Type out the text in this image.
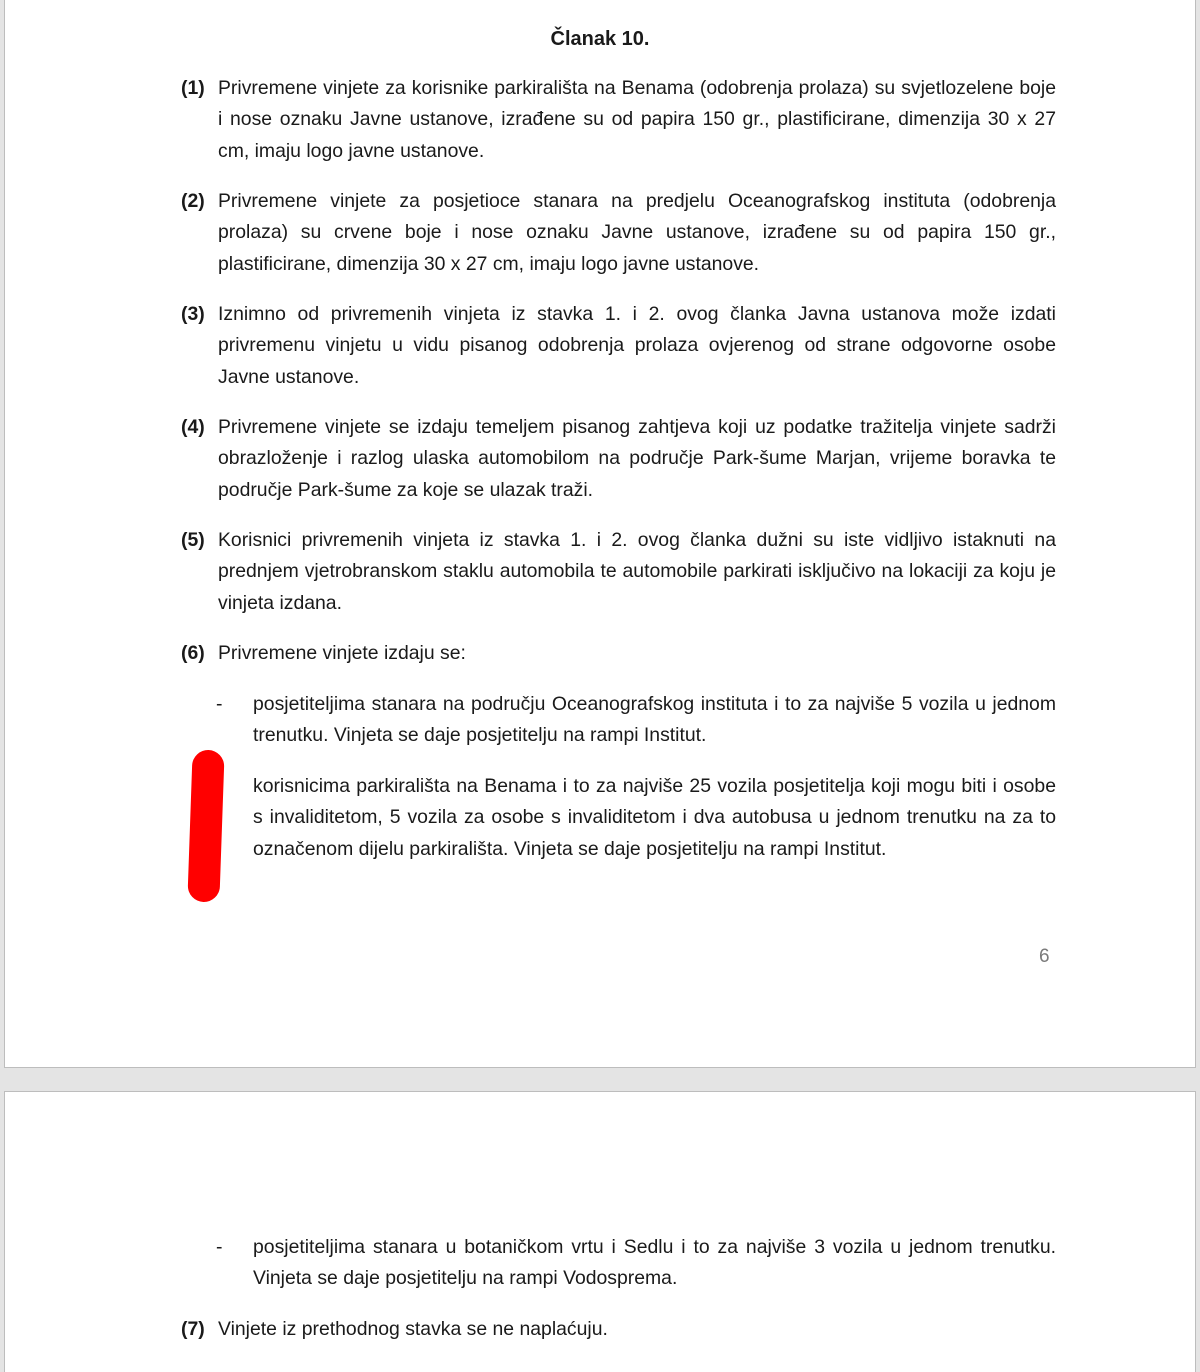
Članak 10.
(1) Privremene vinjete za korisnike parkirališta na Benama (odobrenja prolaza) su svjetlozelene boje i nose oznaku Javne ustanove, izrađene su od papira 150 gr., plastificirane, dimenzija 30 x 27 cm, imaju logo javne ustanove.
(2) Privremene vinjete za posjetioce stanara na predjelu Oceanografskog instituta (odobrenja prolaza) su crvene boje i nose oznaku Javne ustanove, izrađene su od papira 150 gr., plastificirane, dimenzija 30 x 27 cm, imaju logo javne ustanove.
(3) Iznimno od privremenih vinjeta iz stavka 1. i 2. ovog članka Javna ustanova može izdati privremenu vinjetu u vidu pisanog odobrenja prolaza ovjerenog od strane odgovorne osobe Javne ustanove.
(4) Privremene vinjete se izdaju temeljem pisanog zahtjeva koji uz podatke tražitelja vinjete sadrži obrazloženje i razlog ulaska automobilom na područje Park-šume Marjan, vrijeme boravka te područje Park-šume za koje se ulazak traži.
(5) Korisnici privremenih vinjeta iz stavka 1. i 2. ovog članka dužni su iste vidljivo istaknuti na prednjem vjetrobranskom staklu automobila te automobile parkirati isključivo na lokaciji za koju je vinjeta izdana.
(6) Privremene vinjete izdaju se:
- posjetiteljima stanara na području Oceanografskog instituta i to za najviše 5 vozila u jednom trenutku. Vinjeta se daje posjetitelju na rampi Institut.
korisnicima parkirališta na Benama i to za najviše 25 vozila posjetitelja koji mogu biti i osobe s invaliditetom, 5 vozila za osobe s invaliditetom i dva autobusa u jednom trenutku na za to označenom dijelu parkirališta. Vinjeta se daje posjetitelju na rampi Institut.
6
- posjetiteljima stanara u botaničkom vrtu i Sedlu i to za najviše 3 vozila u jednom trenutku. Vinjeta se daje posjetitelju na rampi Vodosprema.
(7) Vinjete iz prethodnog stavka se ne naplaćuju.
